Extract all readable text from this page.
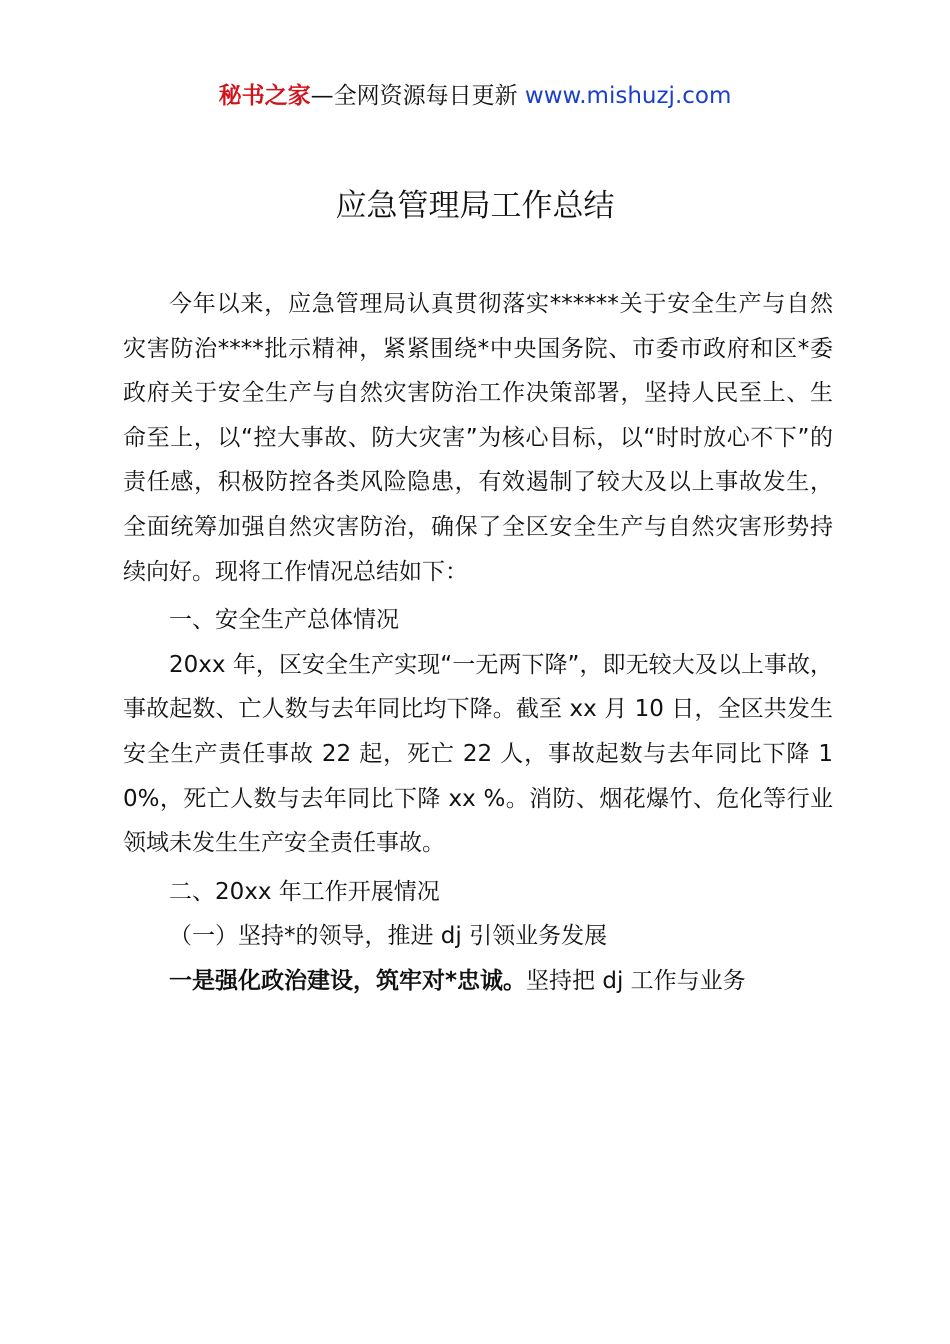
秘书之家—全网资源每日更新 www.mishuzj.com
应急管理局工作总结

今年以来，应急管理局认真贯彻落实******关于安全生产与自然灾害防治****批示精神，紧紧围绕*中央国务院、市委市政府和区*委政府关于安全生产与自然灾害防治工作决策部署，坚持人民至上、生命至上，以“控大事故、防大灾害”为核心目标，以“时时放心不下”的责任感，积极防控各类风险隐患，有效遏制了较大及以上事故发生，全面统筹加强自然灾害防治，确保了全区安全生产与自然灾害形势持续向好。现将工作情况总结如下：

一、安全生产总体情况

20xx 年，区安全生产实现“一无两下降”，即无较大及以上事故，事故起数、亡人数与去年同比均下降。截至 xx 月 10 日，全区共发生安全生产责任事故 22 起，死亡 22 人，事故起数与去年同比下降 10%，死亡人数与去年同比下降 xx %。消防、烟花爆竹、危化等行业领域未发生生产安全责任事故。

二、20xx 年工作开展情况

（一）坚持*的领导，推进 dj 引领业务发展

一是强化政治建设，筑牢对*忠诚。坚持把 dj 工作与业务
